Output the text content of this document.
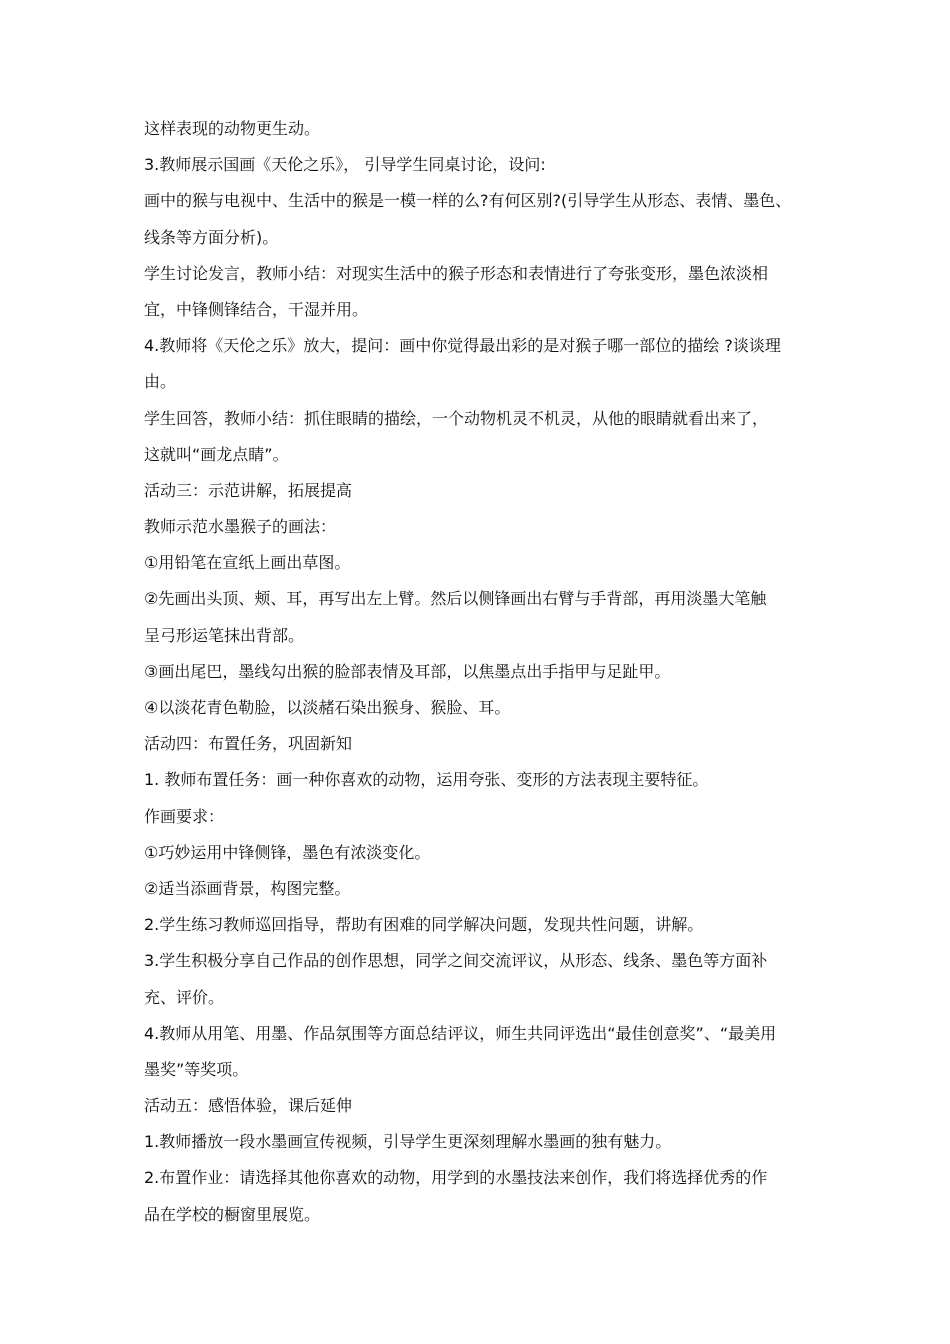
这样表现的动物更生动。
3.教师展示国画《天伦之乐》， 引导学生同桌讨论，设问:
画中的猴与电视中、生活中的猴是一模一样的么?有何区别?(引导学生从形态、表情、墨色、
线条等方面分析)。
学生讨论发言，教师小结：对现实生活中的猴子形态和表情进行了夸张变形，墨色浓淡相
宜，中锋侧锋结合，干湿并用。
4.教师将《天伦之乐》放大，提问：画中你觉得最出彩的是对猴子哪一部位的描绘 ?谈谈理
由。
学生回答，教师小结：抓住眼睛的描绘，一个动物机灵不机灵，从他的眼睛就看出来了，
这就叫“画龙点睛”。
活动三：示范讲解，拓展提高
教师示范水墨猴子的画法：
①用铅笔在宣纸上画出草图。
②先画出头顶、颊、耳，再写出左上臂。然后以侧锋画出右臂与手背部，再用淡墨大笔触
呈弓形运笔抹出背部。
③画出尾巴，墨线勾出猴的脸部表情及耳部，以焦墨点出手指甲与足趾甲。
④以淡花青色勒脸，以淡赭石染出猴身、猴脸、耳。
活动四：布置任务，巩固新知
1. 教师布置任务：画一种你喜欢的动物，运用夸张、变形的方法表现主要特征。
作画要求：
①巧妙运用中锋侧锋，墨色有浓淡变化。
②适当添画背景，构图完整。
2.学生练习教师巡回指导，帮助有困难的同学解决问题，发现共性问题，讲解。
3.学生积极分享自己作品的创作思想，同学之间交流评议，从形态、线条、墨色等方面补
充、评价。
4.教师从用笔、用墨、作品氛围等方面总结评议，师生共同评选出“最佳创意奖”、“最美用
墨奖”等奖项。
活动五：感悟体验，课后延伸
1.教师播放一段水墨画宣传视频，引导学生更深刻理解水墨画的独有魅力。
2.布置作业：请选择其他你喜欢的动物，用学到的水墨技法来创作，我们将选择优秀的作
品在学校的橱窗里展览。
